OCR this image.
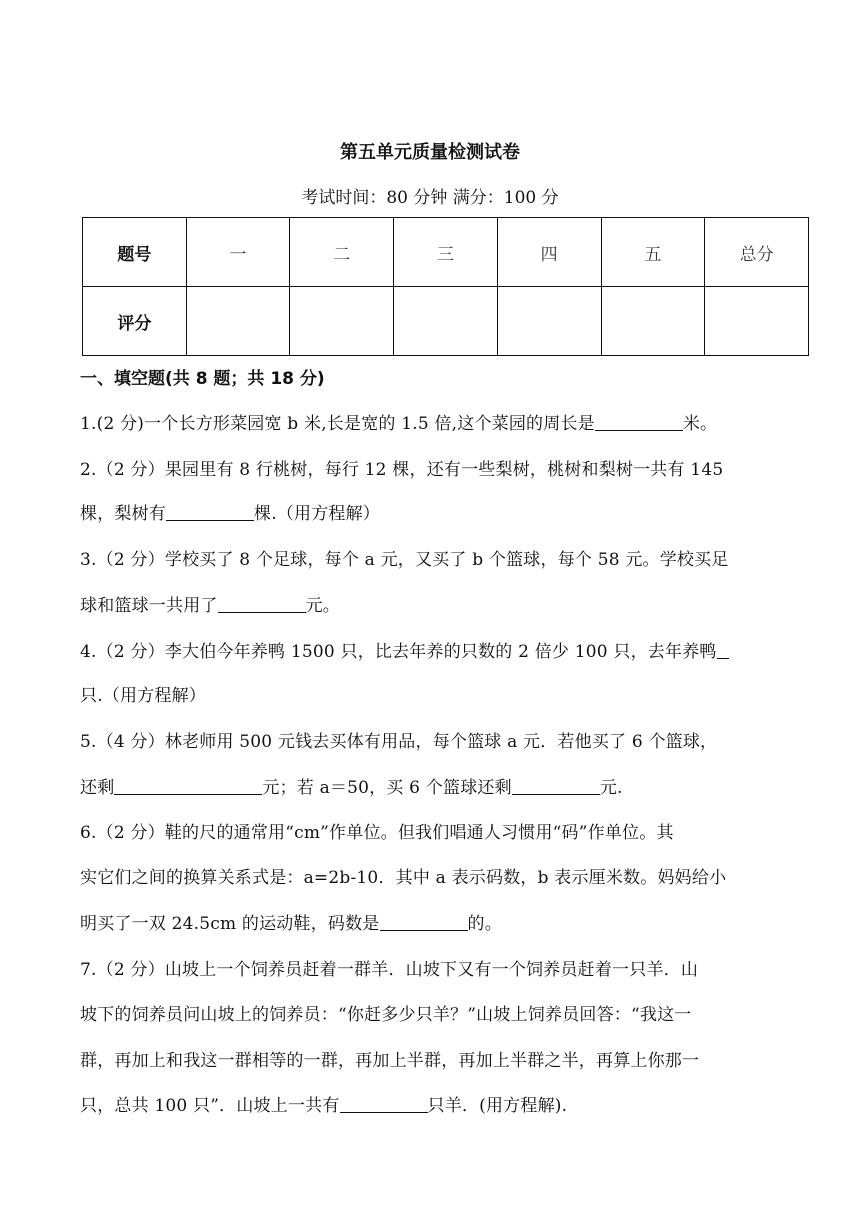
第五单元质量检测试卷
考试时间：80 分钟 满分：100 分
题号	一	二	三	四	五	总分
评分						
一、填空题(共 8 题；共 18 分)
1.(2 分)一个长方形菜园宽 b 米,长是宽的 1.5 倍,这个菜园的周长是	米。
2.（2 分）果园里有 8 行桃树，每行 12 棵，还有一些梨树，桃树和梨树一共有 145
棵，梨树有	棵.（用方程解）
3.（2 分）学校买了 8 个足球，每个 a 元，又买了 b 个篮球，每个 58 元。学校买足
球和篮球一共用了	元。
4.（2 分）李大伯今年养鸭 1500 只，比去年养的只数的 2 倍少 100 只，去年养鸭
只.（用方程解）
5.（4 分）林老师用 500 元钱去买体有用品，每个篮球 a 元．若他买了 6 个篮球，
还剩	元；若 a＝50，买 6 个篮球还剩	元.
6.（2 分）鞋的尺的通常用“cm”作单位。但我们唱通人习惯用“码”作单位。其
实它们之间的换算关系式是：a=2b-10．其中 a 表示码数，b 表示厘米数。妈妈给小
明买了一双 24.5cm 的运动鞋，码数是	的。
7.（2 分）山坡上一个饲养员赶着一群羊．山坡下又有一个饲养员赶着一只羊．山
坡下的饲养员问山坡上的饲养员：“你赶多少只羊？”山坡上饲养员回答：“我这一
群，再加上和我这一群相等的一群，再加上半群，再加上半群之半，再算上你那一
只，总共 100 只”．山坡上一共有	只羊．(用方程解).
